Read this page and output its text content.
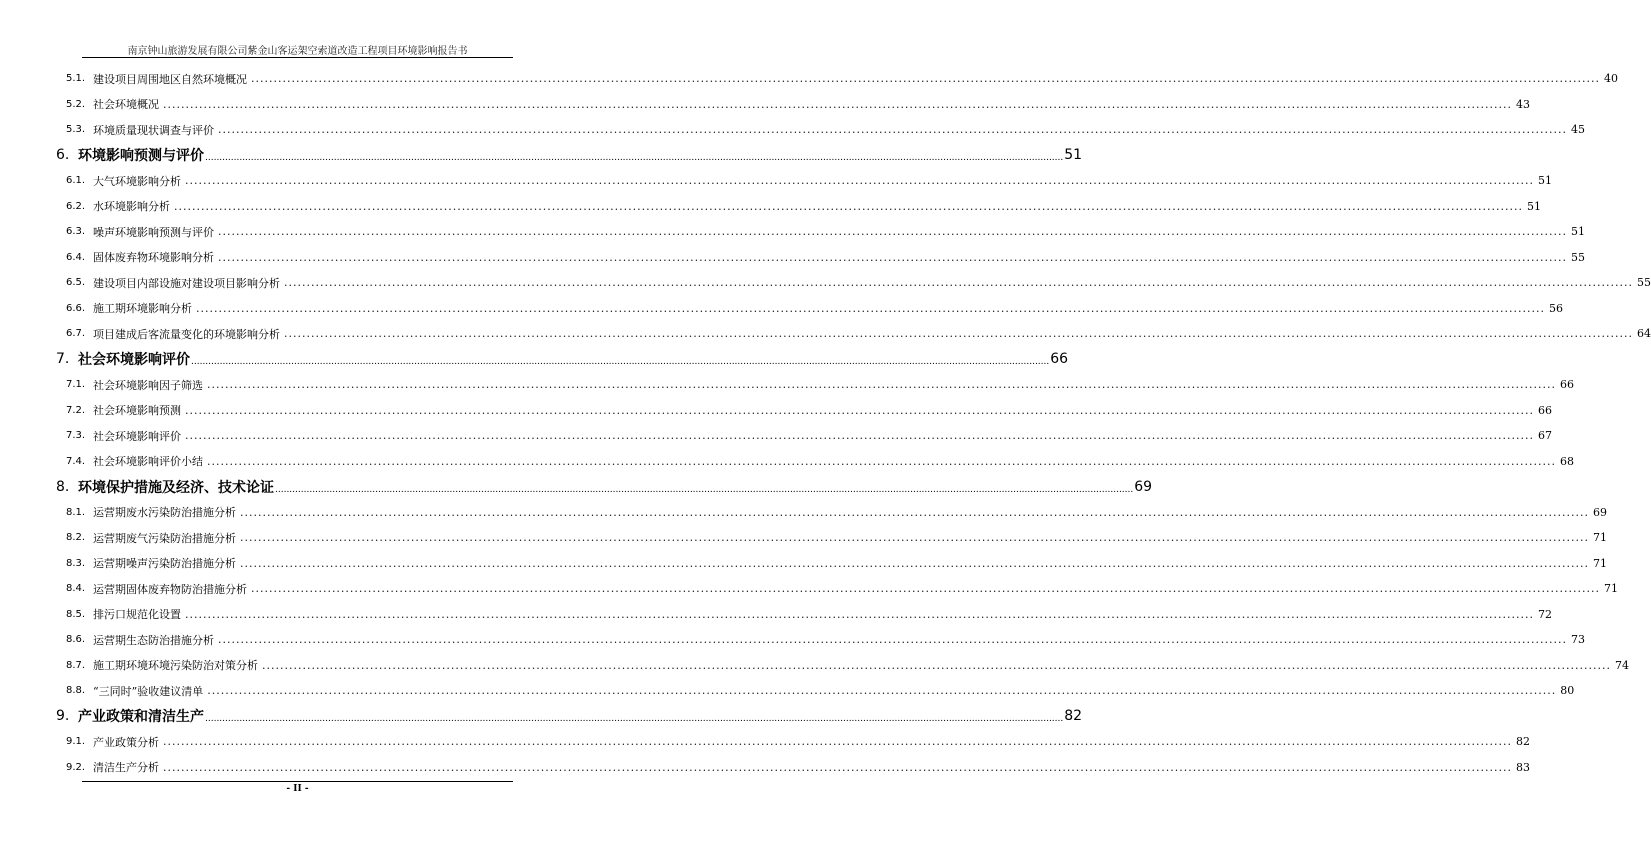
南京钟山旅游发展有限公司紫金山客运架空索道改造工程项目环境影响报告书
5.1. 建设项目周围地区自然环境概况 ............................................................................................................................................................................................................................................................................................................ 40
5.2. 社会环境概况 ............................................................................................................................................................................................................................................................................................................ 43
5.3. 环境质量现状调查与评价 ............................................................................................................................................................................................................................................................................................................ 45
6. 环境影响预测与评价 ............................................................................................................................................................................................................................................................................................................ 51
6.1. 大气环境影响分析 ............................................................................................................................................................................................................................................................................................................ 51
6.2. 水环境影响分析 ............................................................................................................................................................................................................................................................................................................ 51
6.3. 噪声环境影响预测与评价 ............................................................................................................................................................................................................................................................................................................ 51
6.4. 固体废弃物环境影响分析 ............................................................................................................................................................................................................................................................................................................ 55
6.5. 建设项目内部设施对建设项目影响分析 ............................................................................................................................................................................................................................................................................................................ 55
6.6. 施工期环境影响分析 ............................................................................................................................................................................................................................................................................................................ 56
6.7. 项目建成后客流量变化的环境影响分析 ............................................................................................................................................................................................................................................................................................................ 64
7. 社会环境影响评价 ............................................................................................................................................................................................................................................................................................................ 66
7.1. 社会环境影响因子筛选 ............................................................................................................................................................................................................................................................................................................ 66
7.2. 社会环境影响预测 ............................................................................................................................................................................................................................................................................................................ 66
7.3. 社会环境影响评价 ............................................................................................................................................................................................................................................................................................................ 67
7.4. 社会环境影响评价小结 ............................................................................................................................................................................................................................................................................................................ 68
8. 环境保护措施及经济、技术论证 ............................................................................................................................................................................................................................................................................................................ 69
8.1. 运营期废水污染防治措施分析 ............................................................................................................................................................................................................................................................................................................ 69
8.2. 运营期废气污染防治措施分析 ............................................................................................................................................................................................................................................................................................................ 71
8.3. 运营期噪声污染防治措施分析 ............................................................................................................................................................................................................................................................................................................ 71
8.4. 运营期固体废弃物防治措施分析 ............................................................................................................................................................................................................................................................................................................ 71
8.5. 排污口规范化设置 ............................................................................................................................................................................................................................................................................................................ 72
8.6. 运营期生态防治措施分析 ............................................................................................................................................................................................................................................................................................................ 73
8.7. 施工期环境环境污染防治对策分析 ............................................................................................................................................................................................................................................................................................................ 74
8.8. “三同时”验收建议清单 ............................................................................................................................................................................................................................................................................................................ 80
9. 产业政策和清洁生产 ............................................................................................................................................................................................................................................................................................................ 82
9.1. 产业政策分析 ............................................................................................................................................................................................................................................................................................................ 82
9.2. 清洁生产分析 ............................................................................................................................................................................................................................................................................................................ 83
- II -
